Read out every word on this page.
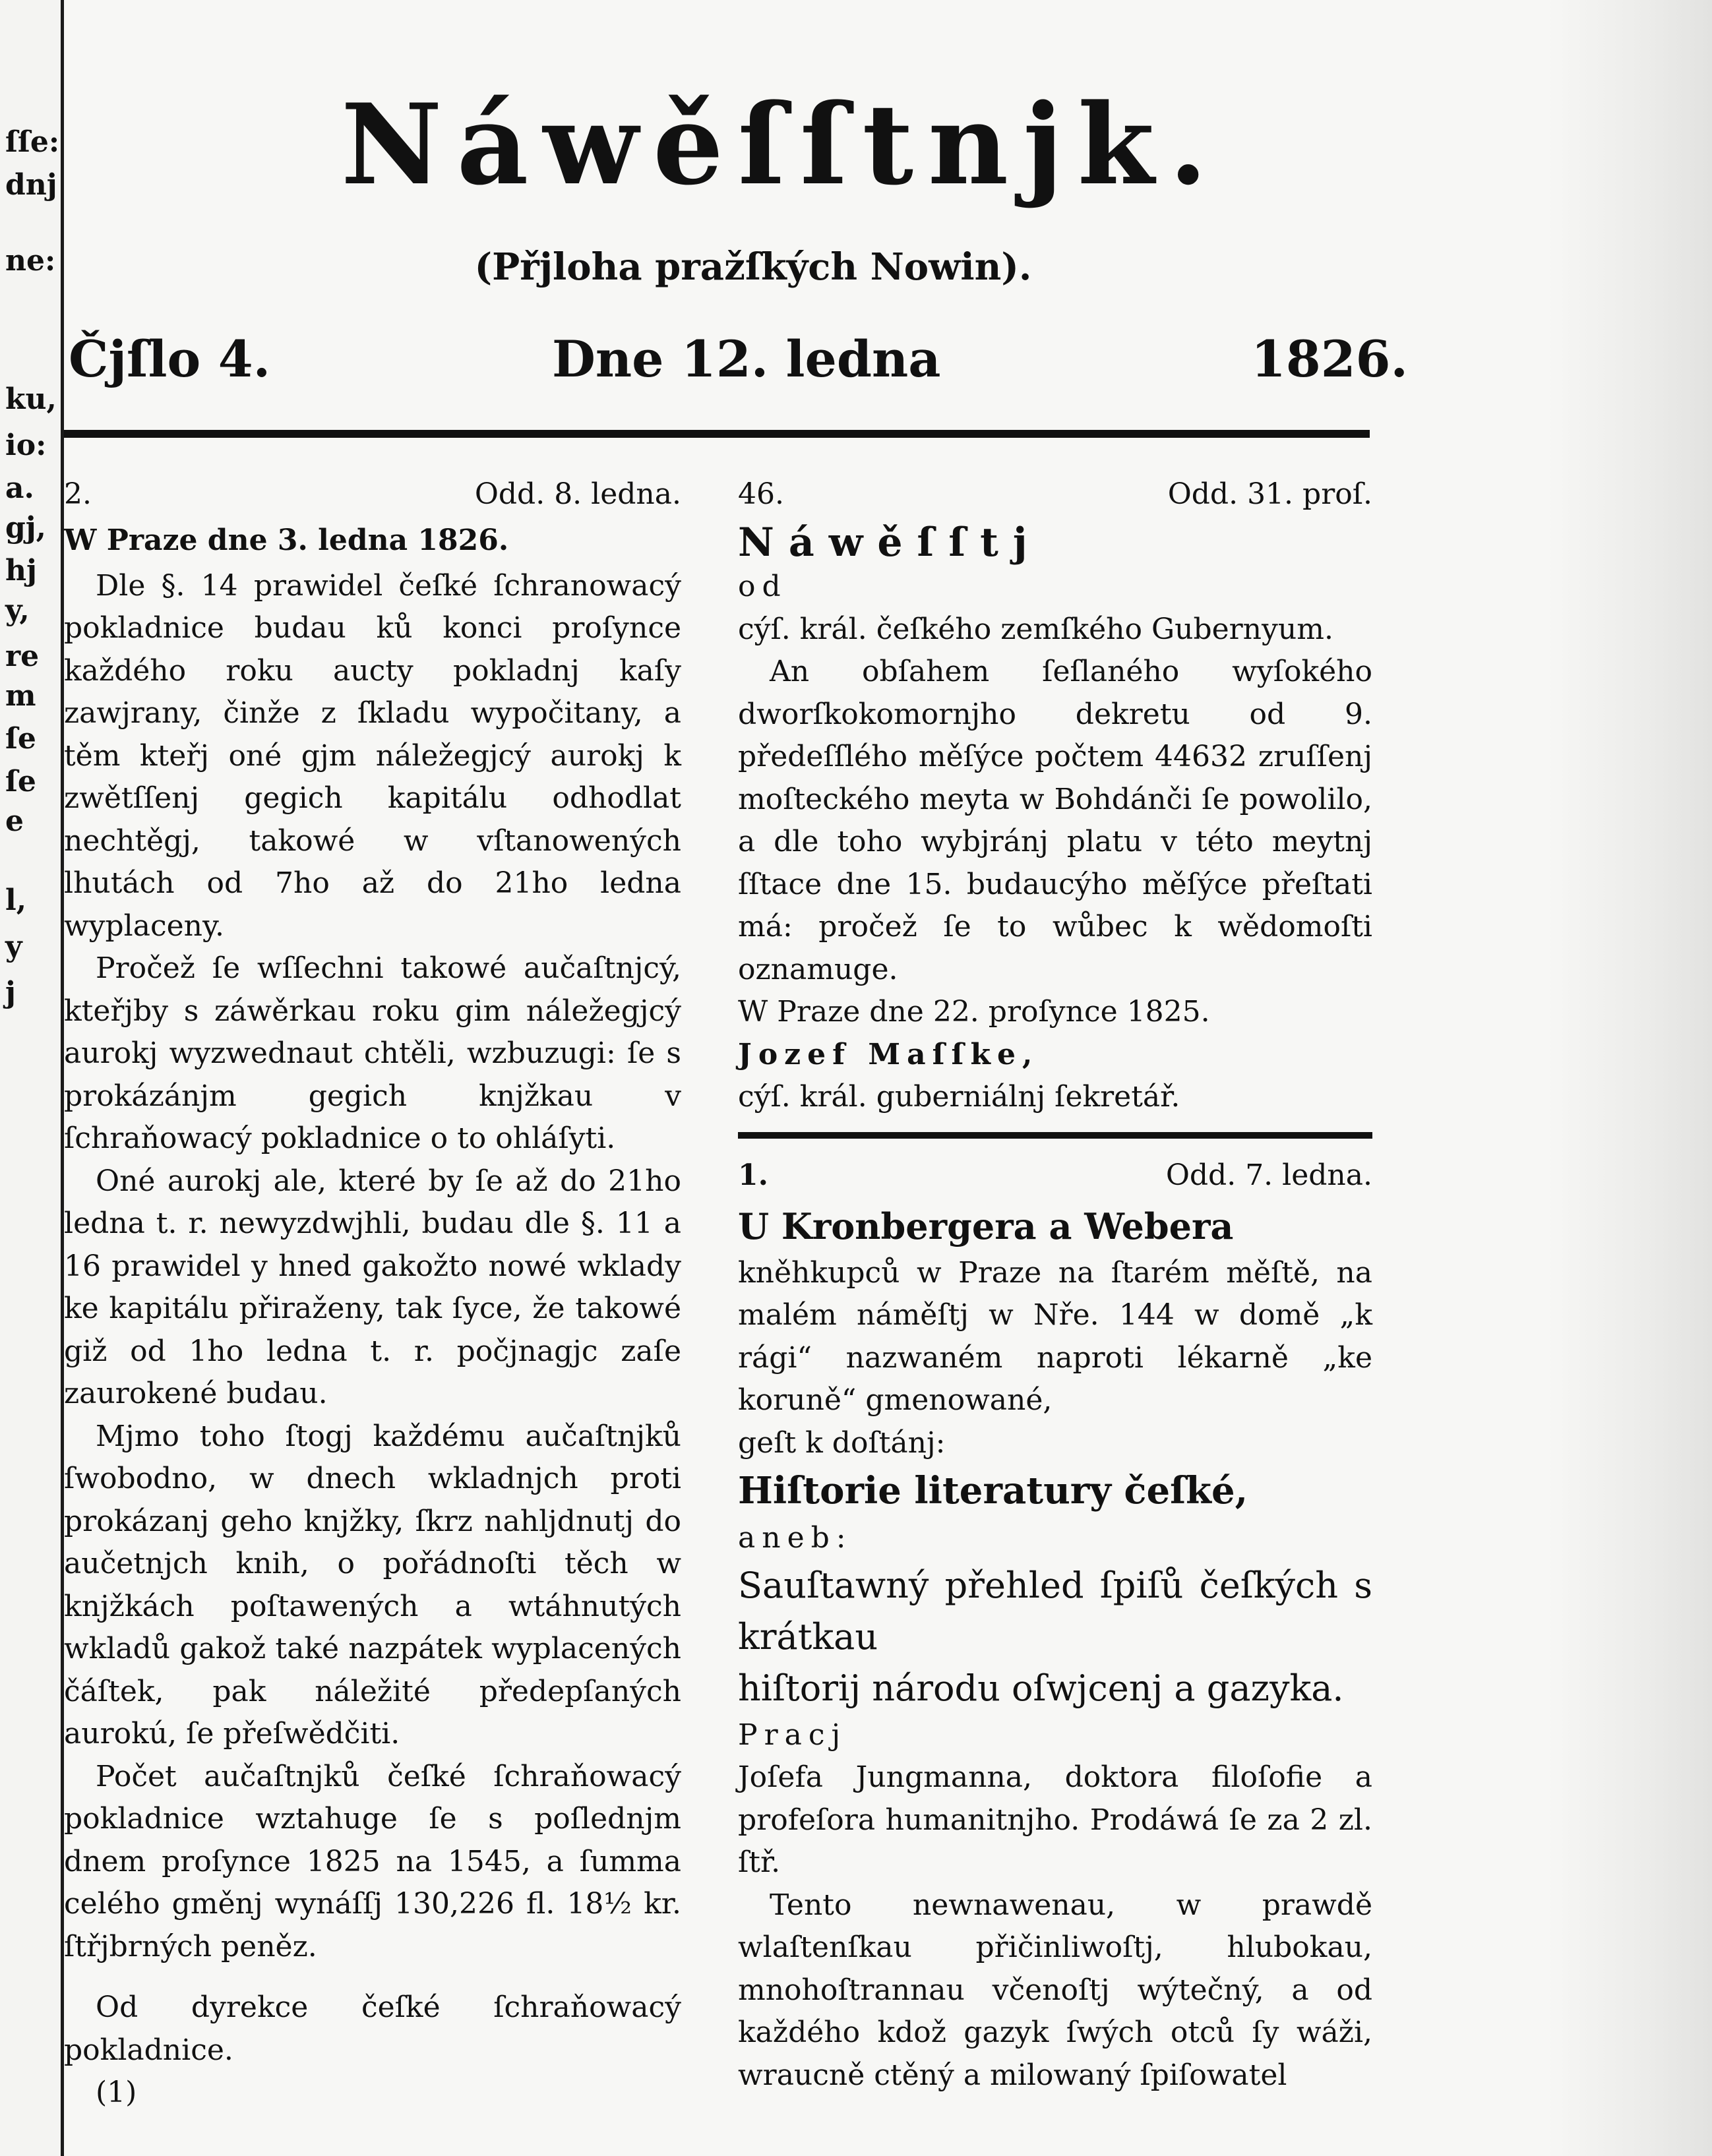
ſſe:
dnj
ne:
ku,
io:
a.
gj,
hj
y,
re
m
ſe
ſe
e
l,
y
j
Náwěſſtnjk.
(Přjloha pražſkých Nowin).
Čjſlo 4.	Dne 12. ledna	1826.
2.	Odd. 8. ledna.

W Praze dne 3. ledna 1826.

Dle §. 14 prawidel čeſké ſchranowacý pokladnice budau ků konci proſynce každého roku aucty pokladnj kaſy zawjrany, činže z ſkladu wypočitany, a těm kteřj oné gjm náležegjcý aurokj k zwětſſenj gegich kapitálu odhodlat nechtěgj, takowé w vſtanowených lhutách od 7ho až do 21ho ledna wyplaceny.

Pročež ſe wſſechni takowé aučaſtnjcý, kteřjby s záwěrkau roku gim náležegjcý aurokj wyzwednaut chtěli, wzbuzugi: ſe s prokázánjm gegich knjžkau v ſchraňowacý pokladnice o to ohláſyti.

Oné aurokj ale, které by ſe až do 21ho ledna t. r. newyzdwjhli, budau dle §. 11 a 16 prawidel y hned gakožto nowé wklady ke kapitálu přiraženy, tak ſyce, že takowé giž od 1ho ledna t. r. počjnagjc zaſe zaurokené budau.

Mjmo toho ſtogj každému aučaſtnjků ſwobodno, w dnech wkladnjch proti prokázanj geho knjžky, ſkrz nahljdnutj do aučetnjch knih, o pořádnoſti těch w knjžkách poſtawených a wtáhnutých wkladů gakož také nazpátek wyplacených čáſtek, pak náležité předepſaných aurokú, ſe přeſwědčiti.

Počet aučaſtnjků čeſké ſchraňowacý pokladnice wztahuge ſe s poſlednjm dnem proſynce 1825 na 1545, a ſumma celého gměnj wynáſſj 130,226 fl. 18½ kr. ſtřjbrných peněz.

Od dyrekce čeſké ſchraňowacý pokladnice.

(1)

46.	Odd. 31. proſ.

Náwěſſtj

od

cýſ. král. čeſkého zemſkého Gubernyum.

An obſahem ſeſlaného wyſokého dworſkokomornjho dekretu od 9. předeſſlého měſýce počtem 44632 zruſſenj moſteckého meyta w Bohdánči ſe powolilo, a dle toho wybjránj platu v této meytnj ſſtace dne 15. budaucýho měſýce přeſtati má: pročež ſe to wůbec k wědomoſti oznamuge.

W Praze dne 22. proſynce 1825.

Jozef Maſſke,

cýſ. král. guberniálnj ſekretář.

1.	Odd. 7. ledna.

U Kronbergera a Webera

kněhkupců w Praze na ſtarém měſtě, na malém náměſtj w Nře. 144 w domě „k rági“ nazwaném naproti lékarně „ke koruně“ gmenowané,

geſt k doſtánj:

Hiſtorie literatury čeſké,

aneb:

Sauſtawný přehled ſpiſů čeſkých s krátkau

hiſtorij národu oſwjcenj a gazyka.

Pracj

Joſefa Jungmanna, doktora filoſofie a profeſora humanitnjho. Prodáwá ſe za 2 zl. ſtř.

Tento newnawenau, w prawdě wlaſtenſkau přičinliwoſtj, hlubokau, mnohoſtrannau včenoſtj wýtečný, a od každého kdož gazyk ſwých otců ſy wáži, wraucně ctěný a milowaný ſpiſowatel
